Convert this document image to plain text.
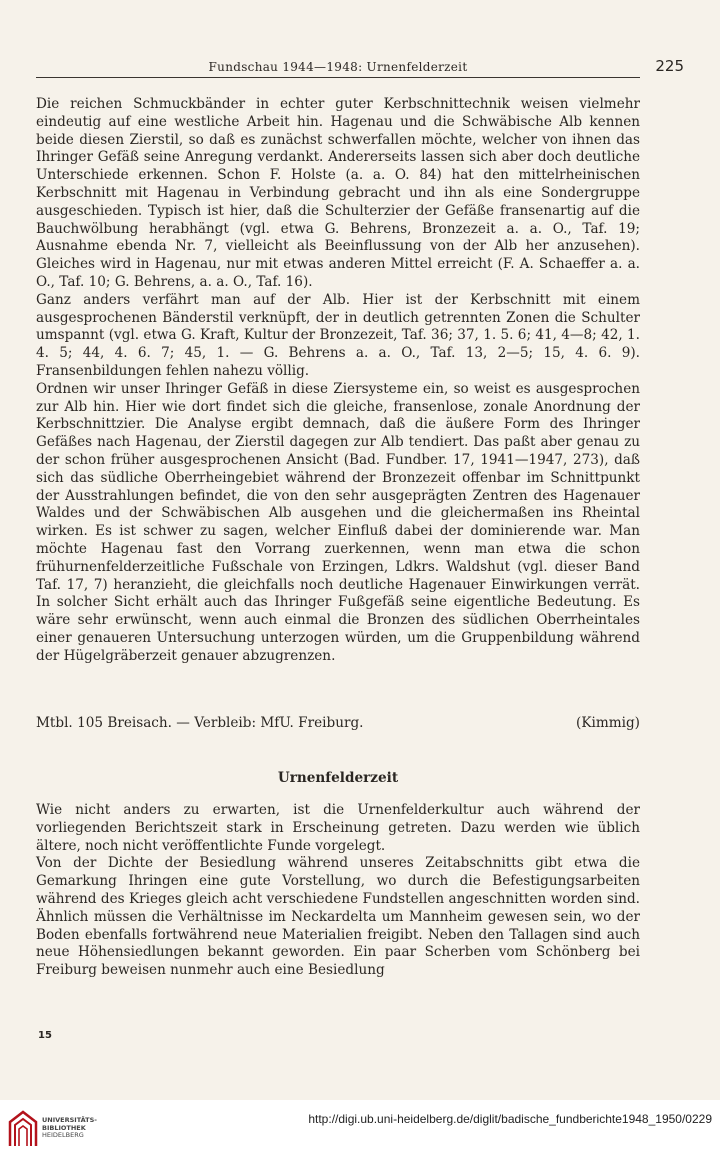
Fundschau 1944—1948: Urnenfelderzeit	225

Die reichen Schmuckbänder in echter guter Kerbschnittechnik weisen vielmehr eindeutig auf eine westliche Arbeit hin. Hagenau und die Schwäbische Alb kennen beide diesen Zierstil, so daß es zunächst schwerfallen möchte, welcher von ihnen das Ihringer Gefäß seine Anregung verdankt. Andererseits lassen sich aber doch deutliche Unterschiede erkennen. Schon F. Holste (a. a. O. 84) hat den mittelrheinischen Kerbschnitt mit Hagenau in Verbindung gebracht und ihn als eine Sondergruppe ausgeschieden. Typisch ist hier, daß die Schulterzier der Gefäße fransenartig auf die Bauchwölbung herabhängt (vgl. etwa G. Behrens, Bronzezeit a. a. O., Taf. 19; Ausnahme ebenda Nr. 7, vielleicht als Beeinflussung von der Alb her anzusehen). Gleiches wird in Hagenau, nur mit etwas anderen Mittel erreicht (F. A. Schaeffer a. a. O., Taf. 10; G. Behrens, a. a. O., Taf. 16).

Ganz anders verfährt man auf der Alb. Hier ist der Kerbschnitt mit einem ausgesprochenen Bänderstil verknüpft, der in deutlich getrennten Zonen die Schulter umspannt (vgl. etwa G. Kraft, Kultur der Bronzezeit, Taf. 36; 37, 1. 5. 6; 41, 4—8; 42, 1. 4. 5; 44, 4. 6. 7; 45, 1. — G. Behrens a. a. O., Taf. 13, 2—5; 15, 4. 6. 9). Fransenbildungen fehlen nahezu völlig.

Ordnen wir unser Ihringer Gefäß in diese Ziersysteme ein, so weist es ausgesprochen zur Alb hin. Hier wie dort findet sich die gleiche, fransenlose, zonale Anordnung der Kerbschnittzier. Die Analyse ergibt demnach, daß die äußere Form des Ihringer Gefäßes nach Hagenau, der Zierstil dagegen zur Alb tendiert. Das paßt aber genau zu der schon früher ausgesprochenen Ansicht (Bad. Fundber. 17, 1941—1947, 273), daß sich das südliche Oberrheingebiet während der Bronzezeit offenbar im Schnittpunkt der Ausstrahlungen befindet, die von den sehr ausgeprägten Zentren des Hagenauer Waldes und der Schwäbischen Alb ausgehen und die gleichermaßen ins Rheintal wirken. Es ist schwer zu sagen, welcher Einfluß dabei der dominierende war. Man möchte Hagenau fast den Vorrang zuerkennen, wenn man etwa die schon frühurnenfelderzeitliche Fußschale von Erzingen, Ldkrs. Waldshut (vgl. dieser Band Taf. 17, 7) heranzieht, die gleichfalls noch deutliche Hagenauer Einwirkungen verrät. In solcher Sicht erhält auch das Ihringer Fußgefäß seine eigentliche Bedeutung. Es wäre sehr erwünscht, wenn auch einmal die Bronzen des südlichen Oberrheintales einer genaueren Untersuchung unterzogen würden, um die Gruppenbildung während der Hügelgräberzeit genauer abzugrenzen.

Mtbl. 105 Breisach. — Verbleib: MfU. Freiburg.	(Kimmig)
Urnenfelderzeit

Wie nicht anders zu erwarten, ist die Urnenfelderkultur auch während der vorliegenden Berichtszeit stark in Erscheinung getreten. Dazu werden wie üblich ältere, noch nicht veröffentlichte Funde vorgelegt.

Von der Dichte der Besiedlung während unseres Zeitabschnitts gibt etwa die Gemarkung Ihringen eine gute Vorstellung, wo durch die Befestigungsarbeiten während des Krieges gleich acht verschiedene Fundstellen angeschnitten worden sind. Ähnlich müssen die Verhältnisse im Neckardelta um Mannheim gewesen sein, wo der Boden ebenfalls fortwährend neue Materialien freigibt. Neben den Tallagen sind auch neue Höhensiedlungen bekannt geworden. Ein paar Scherben vom Schönberg bei Freiburg beweisen nunmehr auch eine Besiedlung

15
UNIVERSITÄTS-
BIBLIOTHEK
HEIDELBERG
http://digi.ub.uni-heidelberg.de/diglit/badische_fundberichte1948_1950/0229
